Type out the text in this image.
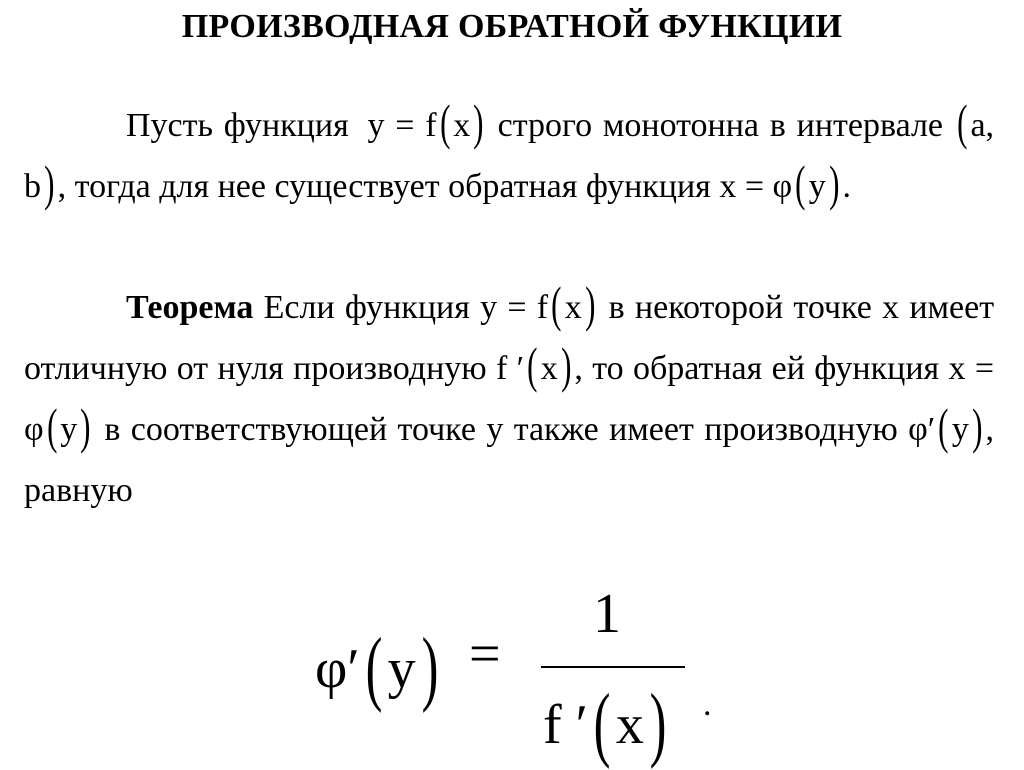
ПРОИЗВОДНАЯ ОБРАТНОЙ ФУНКЦИИ
Пусть функция y = f(x) строго монотонна в интервале (a, b), тогда для нее существует обратная функция x = φ(y).
Теорема Если функция y = f(x) в некоторой точке x имеет отличную от нуля производную f ′(x), то обратная ей функция x = φ(y) в соответствующей точке y также имеет производную φ′(y), равную
φ′(y) =
1
f ′(x) .
